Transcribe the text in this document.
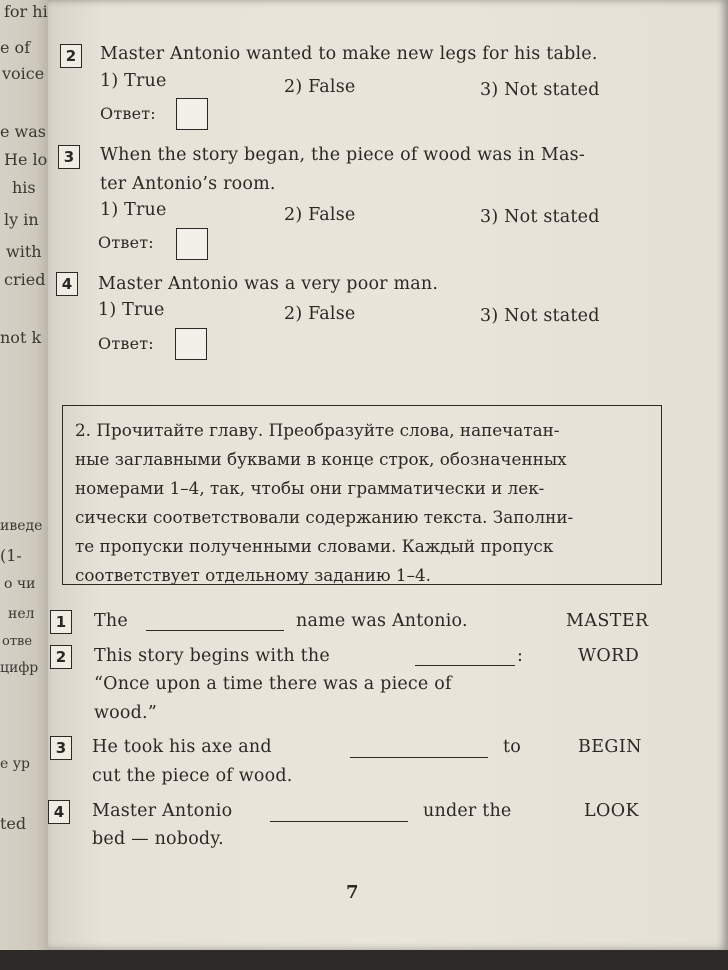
for hi
e of
voice
e was
He lo
his
ly in
with
cried
not k
иведе
(1-
о чи
нел
отве
цифр
е ур
ted
2	Master Antonio wanted to make new legs for his table.
1) True	2) False	3) Not stated
Ответ:
3	When the story began, the piece of wood was in Mas-
ter Antonio’s room.
1) True	2) False	3) Not stated
Ответ:
4	Master Antonio was a very poor man.
1) True	2) False	3) Not stated
Ответ:
2. Прочитайте главу. Преобразуйте слова, напечатан-
ные заглавными буквами в конце строк, обозначенных
номерами 1–4, так, чтобы они грамматически и лек-
сически соответствовали содержанию текста. Заполни-
те пропуски полученными словами. Каждый пропуск
соответствует отдельному заданию 1–4.
1	The	name was Antonio.	MASTER
2	This story begins with the	:	WORD
“Once upon a time there was a piece of
wood.”
3	He took his axe and	to	BEGIN
cut the piece of wood.
4	Master Antonio	under the	LOOK
bed — nobody.
7
